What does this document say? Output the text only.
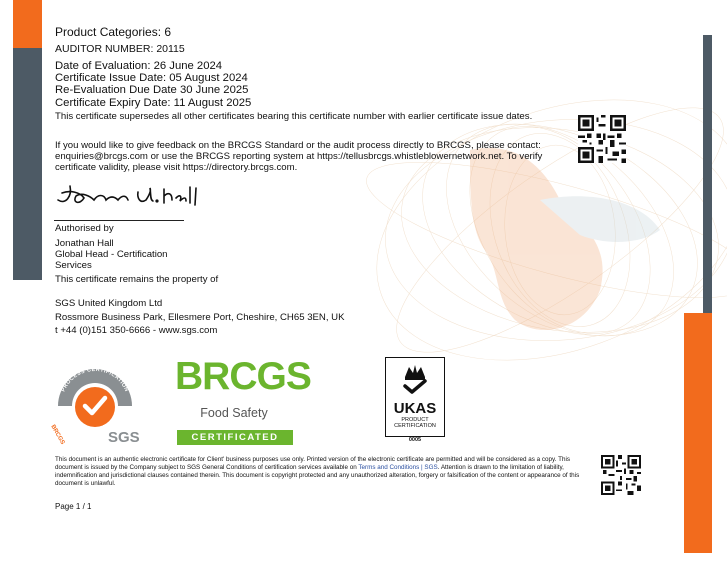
Product Categories: 6
AUDITOR NUMBER: 20115
Date of Evaluation: 26 June 2024
Certificate Issue Date: 05 August 2024
Re-Evaluation Due Date 30 June 2025
Certificate Expiry Date: 11 August 2025
This certificate supersedes all other certificates bearing this certificate number with earlier certificate issue dates.
If you would like to give feedback on the BRCGS Standard or the audit process directly to BRCGS, please contact:
enquiries@brcgs.com or use the BRCGS reporting system at https://tellusbrcgs.whistleblowernetwork.net. To verify
certificate validity, please visit https://directory.brcgs.com.
Authorised by
Jonathan Hall
Global Head - Certification
Services
This certificate remains the property of
SGS United Kingdom Ltd
Rossmore Business Park, Ellesmere Port, Cheshire, CH65 3EN, UK
t +44 (0)151 350-6666 - www.sgs.com
PROCESS CERTIFICATION
BRCGS	SGS
BRCGS
Food Safety
CERTIFICATED
UKAS
PRODUCT
CERTIFICATION
0005
This document is an authentic electronic certificate for Client' business purposes use only. Printed version of the electronic certificate are permitted and will be considered as a copy. This document is issued by the Company subject to SGS General Conditions of certification services available on Terms and Conditions | SGS. Attention is drawn to the limitation of liability, indemnification and jurisdictional clauses contained therein. This document is copyright protected and any unauthorized alteration, forgery or falsification of the content or appearance of this document is unlawful.
Page 1 / 1
